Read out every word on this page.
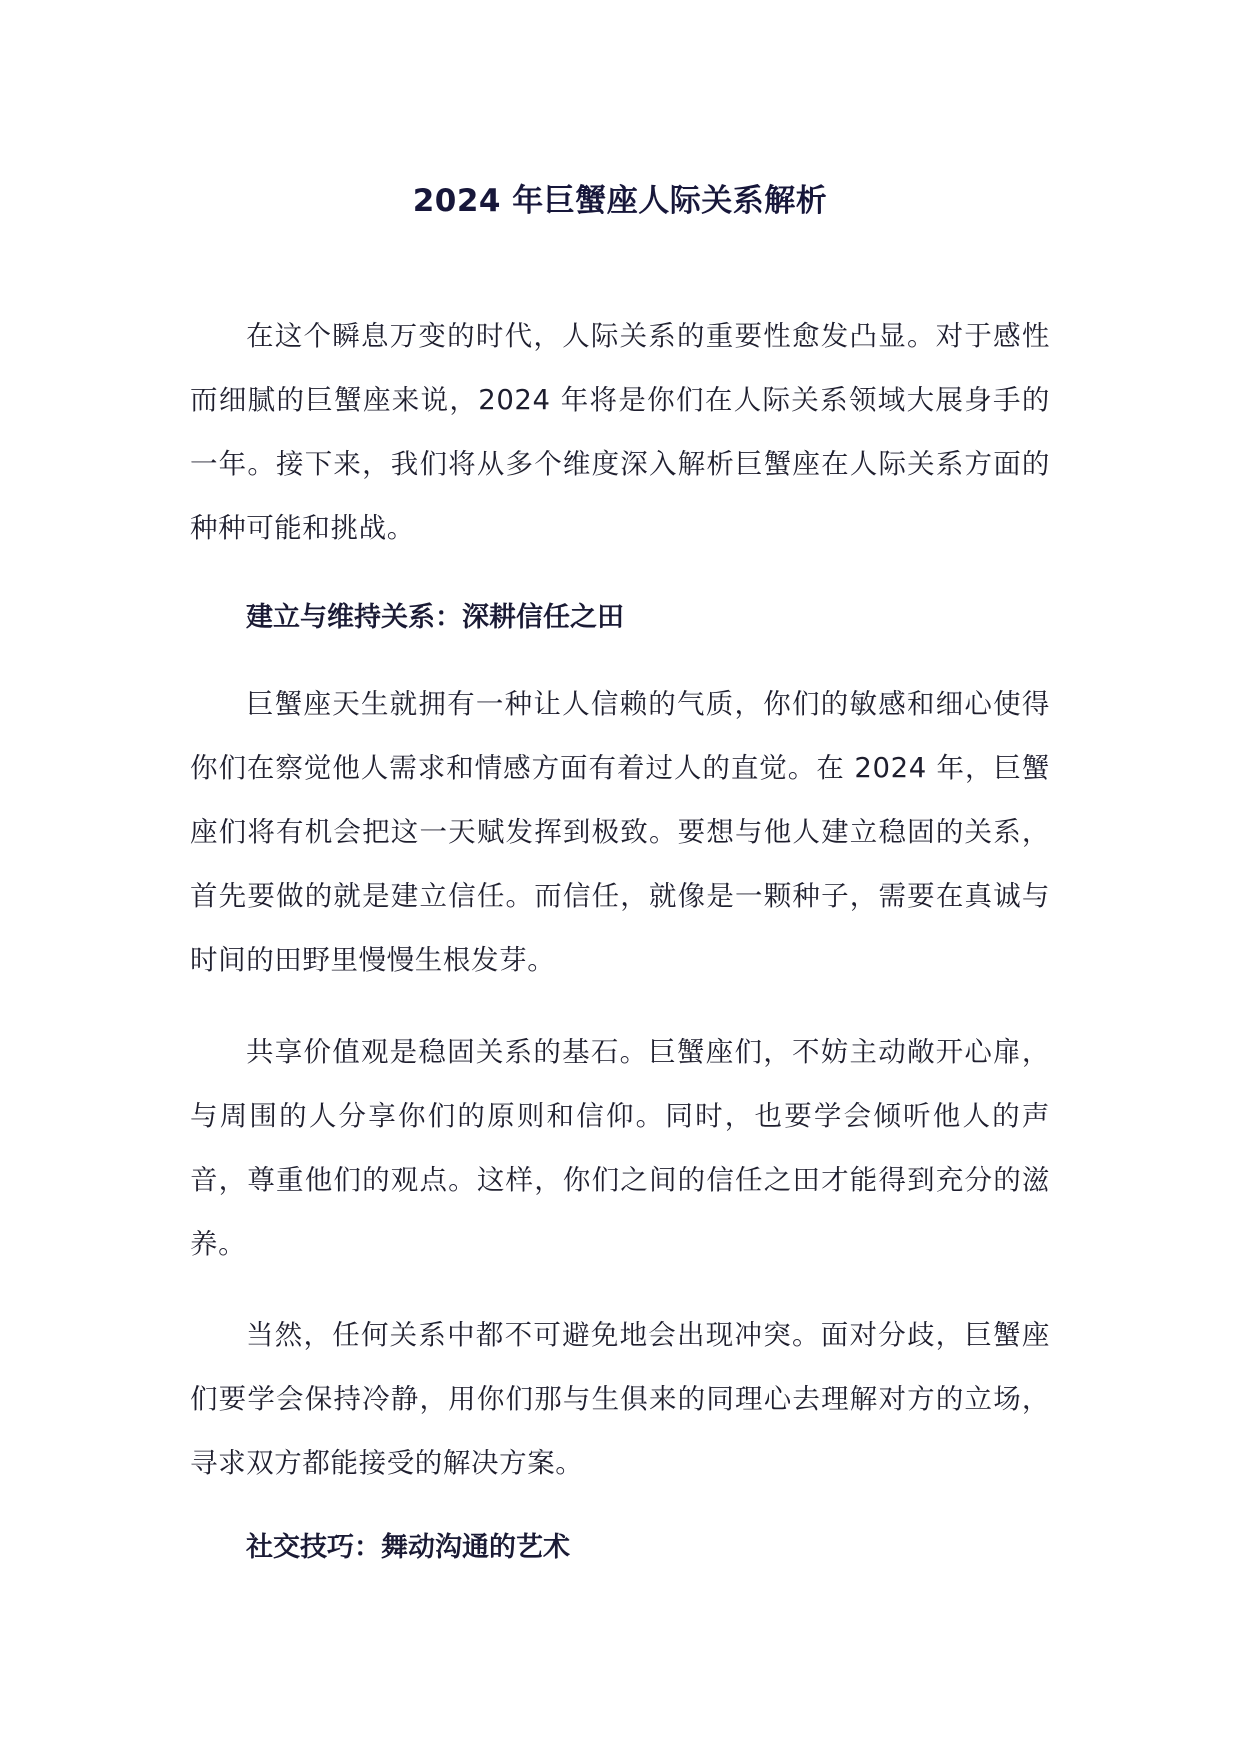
2024 年巨蟹座人际关系解析

在这个瞬息万变的时代，人际关系的重要性愈发凸显。对于感性而细腻的巨蟹座来说，2024 年将是你们在人际关系领域大展身手的一年。接下来，我们将从多个维度深入解析巨蟹座在人际关系方面的种种可能和挑战。

建立与维持关系：深耕信任之田

巨蟹座天生就拥有一种让人信赖的气质，你们的敏感和细心使得你们在察觉他人需求和情感方面有着过人的直觉。在 2024 年，巨蟹座们将有机会把这一天赋发挥到极致。要想与他人建立稳固的关系，首先要做的就是建立信任。而信任，就像是一颗种子，需要在真诚与时间的田野里慢慢生根发芽。

共享价值观是稳固关系的基石。巨蟹座们，不妨主动敞开心扉，与周围的人分享你们的原则和信仰。同时，也要学会倾听他人的声音，尊重他们的观点。这样，你们之间的信任之田才能得到充分的滋养。

当然，任何关系中都不可避免地会出现冲突。面对分歧，巨蟹座们要学会保持冷静，用你们那与生俱来的同理心去理解对方的立场，寻求双方都能接受的解决方案。

社交技巧：舞动沟通的艺术
